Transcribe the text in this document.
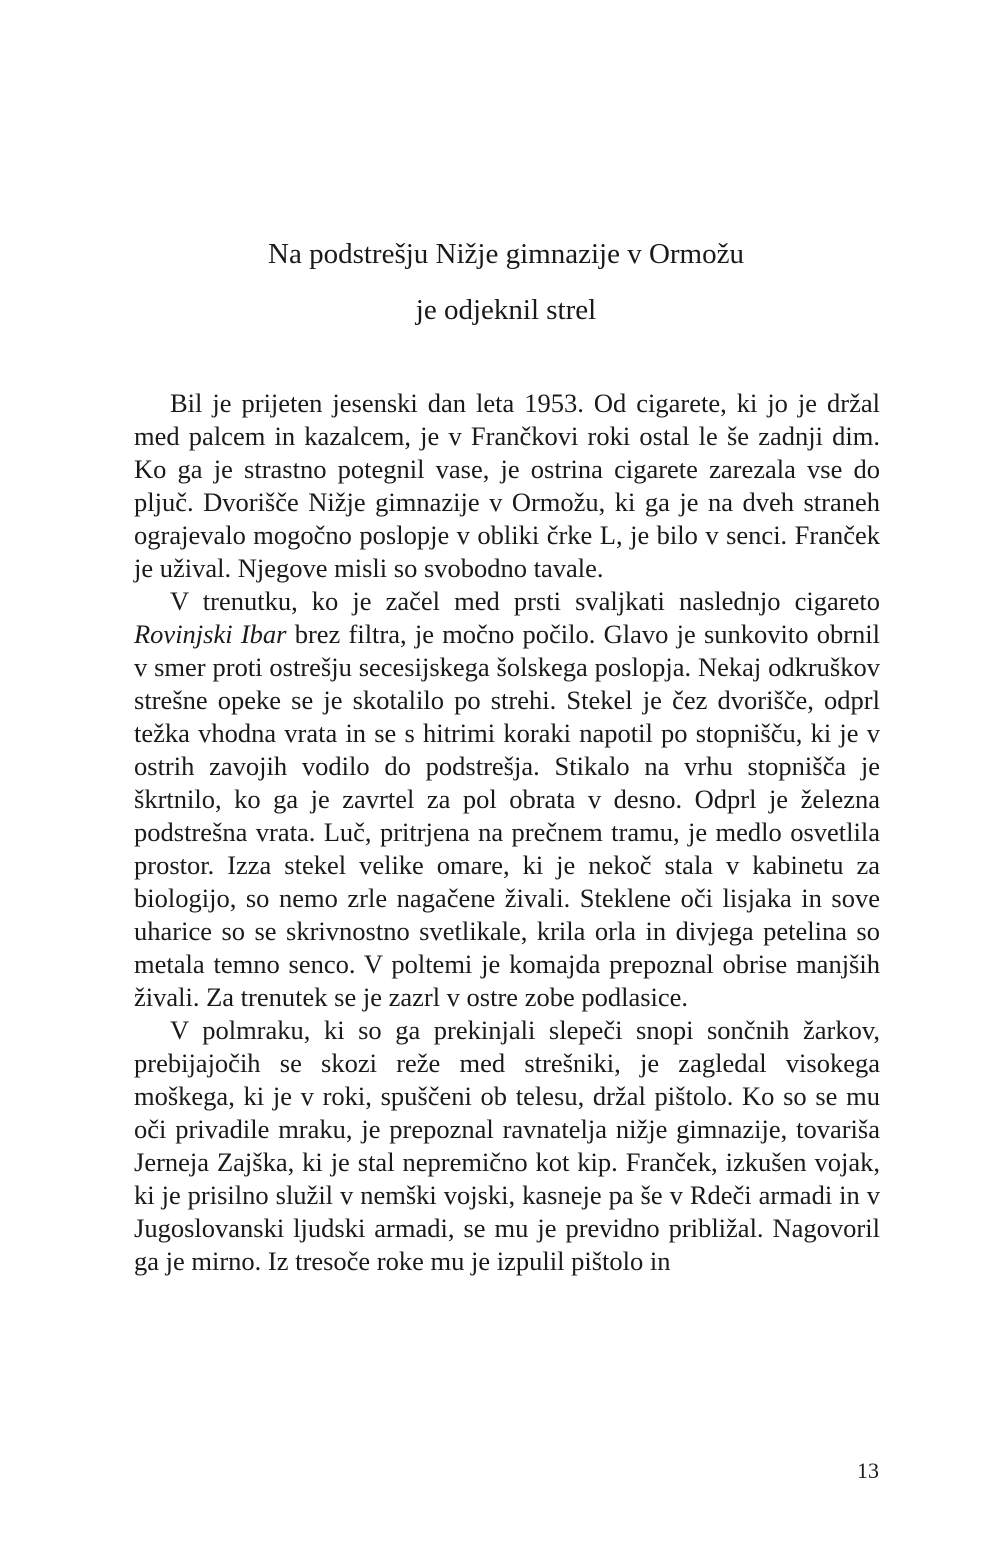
Na podstrešju Nižje gimnazije v Ormožu
je odjeknil strel

Bil je prijeten jesenski dan leta 1953. Od cigarete, ki jo je držal med palcem in kazalcem, je v Frančkovi roki ostal le še zadnji dim. Ko ga je strastno potegnil vase, je ostrina cigarete zarezala vse do pljuč. Dvorišče Nižje gimnazije v Ormožu, ki ga je na dveh straneh ograjevalo mogočno poslopje v obliki črke L, je bilo v senci. Franček je užival. Njegove misli so svobodno tavale.

V trenutku, ko je začel med prsti svaljkati naslednjo cigareto Rovinjski Ibar brez filtra, je močno počilo. Glavo je sunkovito obrnil v smer proti ostrešju secesijskega šolskega poslopja. Nekaj odkruškov strešne opeke se je skotalilo po strehi. Stekel je čez dvorišče, odprl težka vhodna vrata in se s hitrimi koraki napotil po stopnišču, ki je v ostrih zavojih vodilo do podstrešja. Stikalo na vrhu stopnišča je škrtnilo, ko ga je zavrtel za pol obrata v desno. Odprl je železna podstrešna vrata. Luč, pritrjena na prečnem tramu, je medlo osvetlila prostor. Izza stekel velike omare, ki je nekoč stala v kabinetu za biologijo, so nemo zrle nagačene živali. Steklene oči lisjaka in sove uharice so se skrivnostno svetlikale, krila orla in divjega petelina so metala temno senco. V poltemi je komajda prepoznal obrise manjših živali. Za trenutek se je zazrl v ostre zobe podlasice.

V polmraku, ki so ga prekinjali slepeči snopi sončnih žarkov, prebijajočih se skozi reže med strešniki, je zagledal visokega moškega, ki je v roki, spuščeni ob telesu, držal pištolo. Ko so se mu oči privadile mraku, je prepoznal ravnatelja nižje gimnazije, tovariša Jerneja Zajška, ki je stal nepremično kot kip. Franček, izkušen vojak, ki je prisilno služil v nemški vojski, kasneje pa še v Rdeči armadi in v Jugoslovanski ljudski armadi, se mu je previdno približal. Nagovoril ga je mirno. Iz tresoče roke mu je izpulil pištolo in

13
